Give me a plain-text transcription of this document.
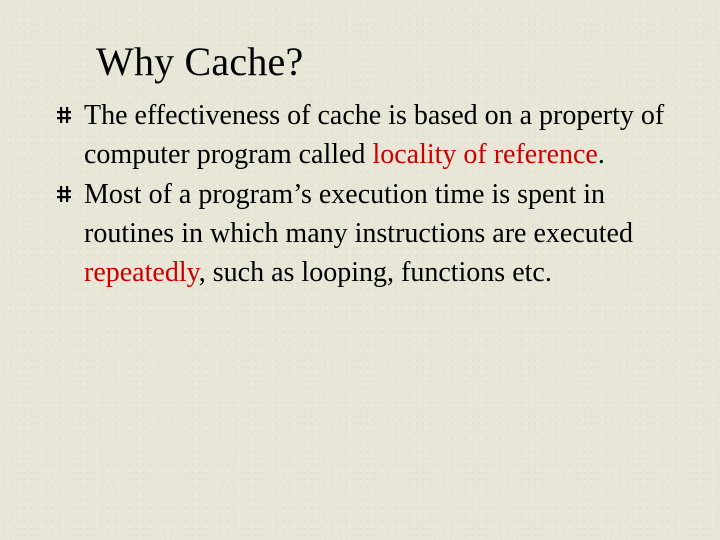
Why Cache?
The effectiveness of cache is based on a property of computer program called locality of reference.
Most of a program’s execution time is spent in routines in which many instructions are executed repeatedly, such as looping, functions etc.
